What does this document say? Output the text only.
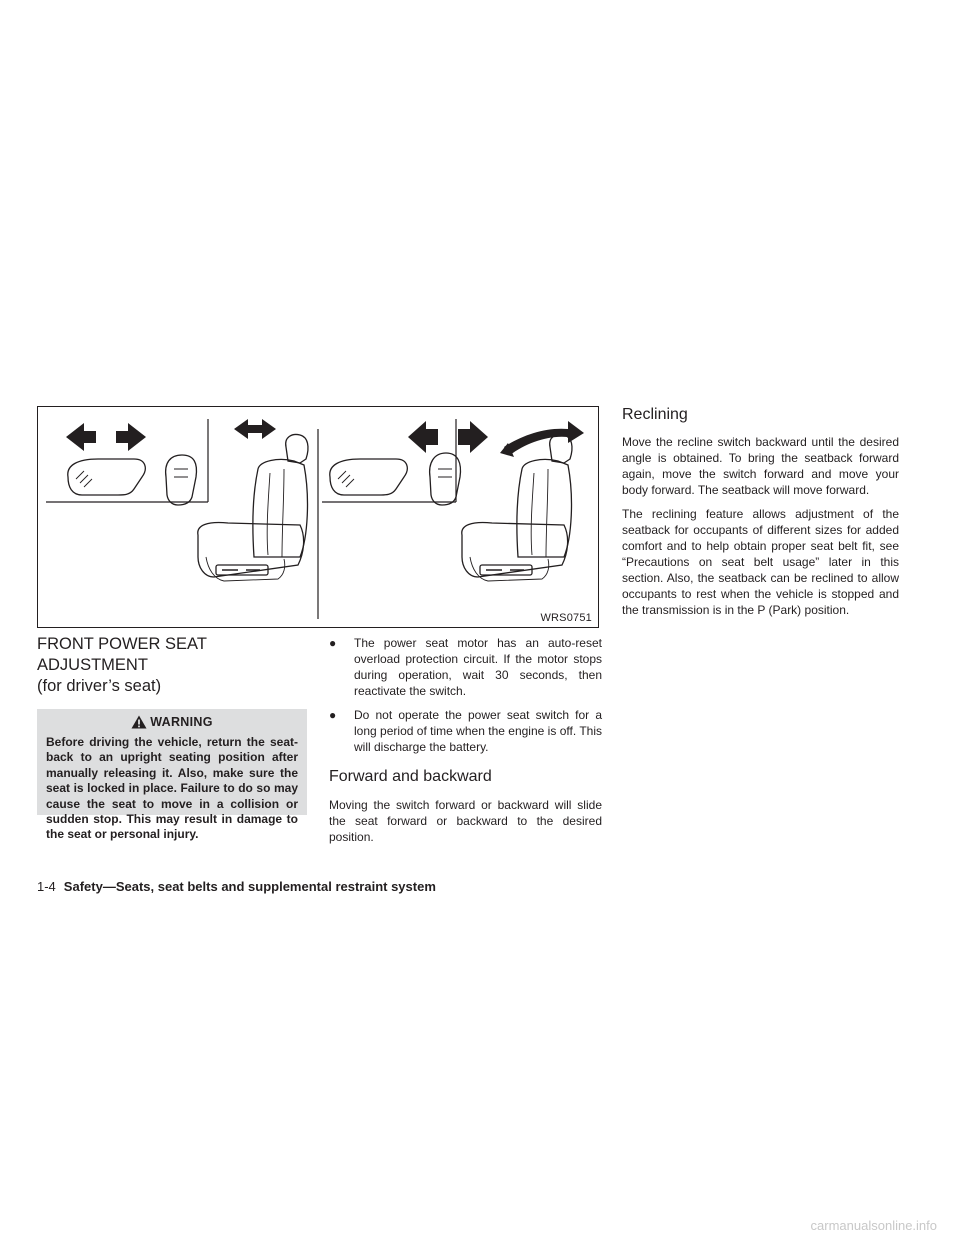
WRS0751
FRONT POWER SEAT ADJUSTMENT
(for driver’s seat)
WARNING
Before driving the vehicle, return the seatback to an upright seating position after manually releasing it. Also, make sure the seat is locked in place. Failure to do so may cause the seat to move in a collision or sudden stop. This may result in damage to the seat or personal injury.
● The power seat motor has an auto-reset overload protection circuit. If the motor stops during operation, wait 30 seconds, then reactivate the switch.
● Do not operate the power seat switch for a long period of time when the engine is off. This will discharge the battery.
Forward and backward

Moving the switch forward or backward will slide the seat forward or backward to the desired position.

Reclining

Move the recline switch backward until the desired angle is obtained. To bring the seatback forward again, move the switch forward and move your body forward. The seatback will move forward.

The reclining feature allows adjustment of the seatback for occupants of different sizes for added comfort and to help obtain proper seat belt fit, see “Precautions on seat belt usage” later in this section. Also, the seatback can be reclined to allow occupants to rest when the vehicle is stopped and the transmission is in the P (Park) position.

1-4 Safety—Seats, seat belts and supplemental restraint system
carmanualsonline.info
